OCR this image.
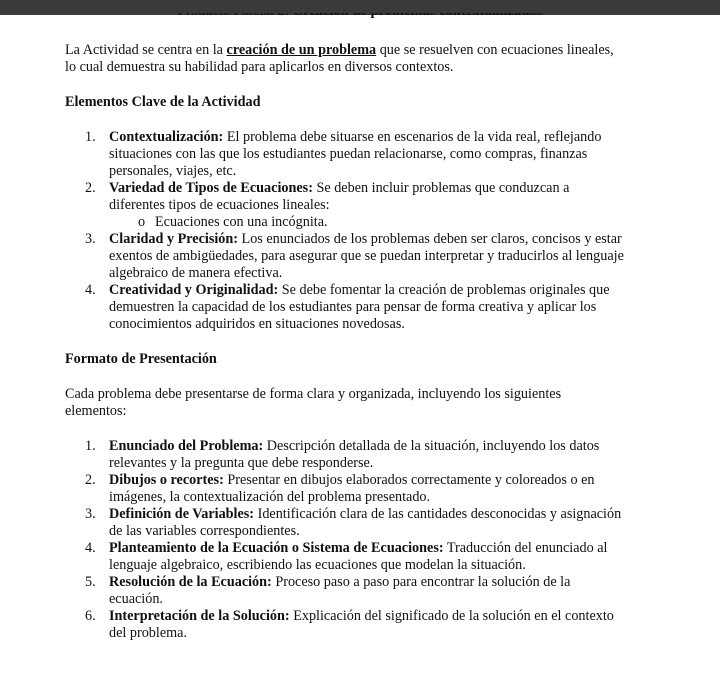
La Actividad se centra en la creación de un problema que se resuelven con ecuaciones lineales, lo cual demuestra su habilidad para aplicarlos en diversos contextos.

Elementos Clave de la Actividad

1. Contextualización: El problema debe situarse en escenarios de la vida real, reflejando situaciones con las que los estudiantes puedan relacionarse, como compras, finanzas personales, viajes, etc.
2. Variedad de Tipos de Ecuaciones: Se deben incluir problemas que conduzcan a diferentes tipos de ecuaciones lineales:
o Ecuaciones con una incógnita.
3. Claridad y Precisión: Los enunciados de los problemas deben ser claros, concisos y estar exentos de ambigüedades, para asegurar que se puedan interpretar y traducirlos al lenguaje algebraico de manera efectiva.
4. Creatividad y Originalidad: Se debe fomentar la creación de problemas originales que demuestren la capacidad de los estudiantes para pensar de forma creativa y aplicar los conocimientos adquiridos en situaciones novedosas.

Formato de Presentación

Cada problema debe presentarse de forma clara y organizada, incluyendo los siguientes elementos:

1. Enunciado del Problema: Descripción detallada de la situación, incluyendo los datos relevantes y la pregunta que debe responderse.
2. Dibujos o recortes: Presentar en dibujos elaborados correctamente y coloreados o en imágenes, la contextualización del problema presentado.
3. Definición de Variables: Identificación clara de las cantidades desconocidas y asignación de las variables correspondientes.
4. Planteamiento de la Ecuación o Sistema de Ecuaciones: Traducción del enunciado al lenguaje algebraico, escribiendo las ecuaciones que modelan la situación.
5. Resolución de la Ecuación: Proceso paso a paso para encontrar la solución de la ecuación.
6. Interpretación de la Solución: Explicación del significado de la solución en el contexto del problema.
